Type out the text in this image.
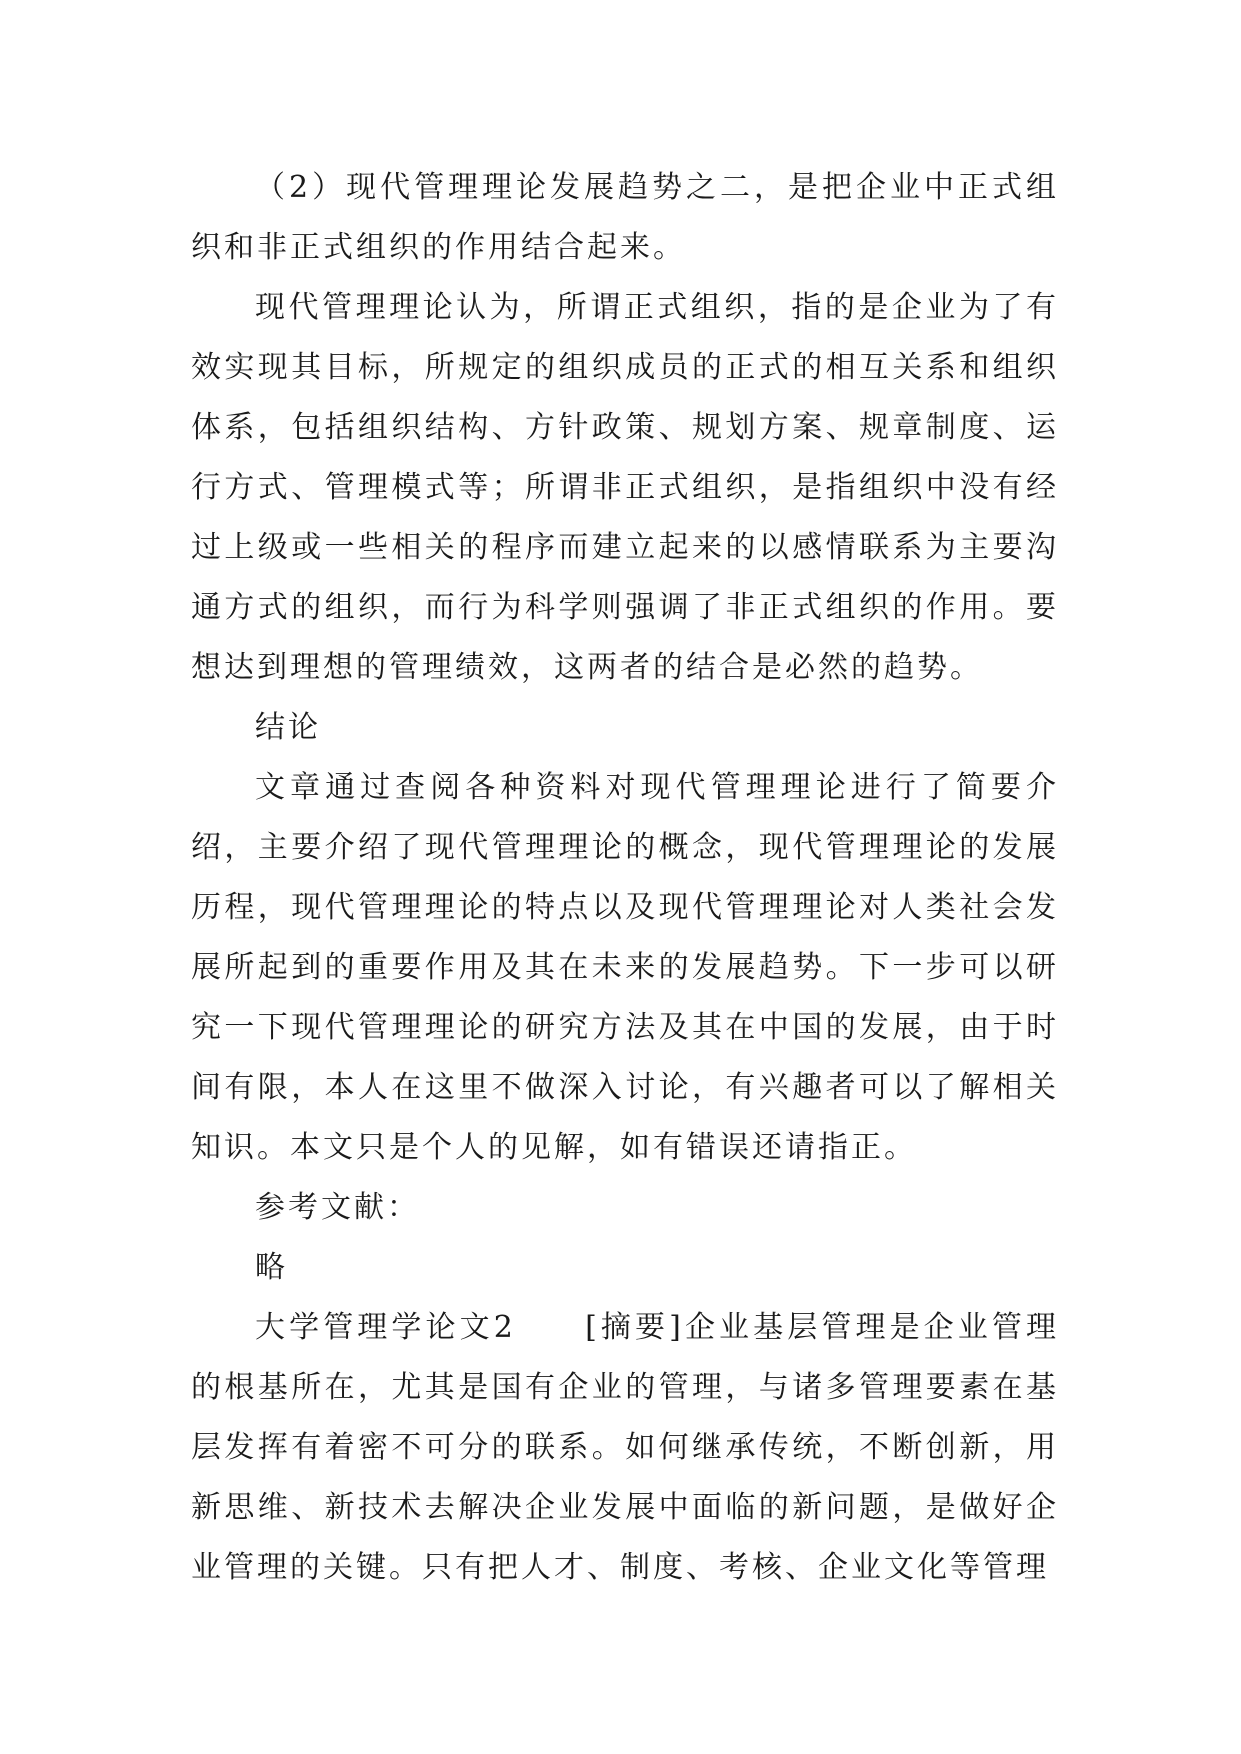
（2）现代管理理论发展趋势之二，是把企业中正式组织和非正式组织的作用结合起来。

现代管理理论认为，所谓正式组织，指的是企业为了有效实现其目标，所规定的组织成员的正式的相互关系和组织体系，包括组织结构、方针政策、规划方案、规章制度、运行方式、管理模式等；所谓非正式组织，是指组织中没有经过上级或一些相关的程序而建立起来的以感情联系为主要沟通方式的组织，而行为科学则强调了非正式组织的作用。要想达到理想的管理绩效，这两者的结合是必然的趋势。

结论

文章通过查阅各种资料对现代管理理论进行了简要介绍，主要介绍了现代管理理论的概念，现代管理理论的发展历程，现代管理理论的特点以及现代管理理论对人类社会发展所起到的重要作用及其在未来的发展趋势。下一步可以研究一下现代管理理论的研究方法及其在中国的发展，由于时间有限，本人在这里不做深入讨论，有兴趣者可以了解相关知识。本文只是个人的见解，如有错误还请指正。

参考文献：

略

大学管理学论文2　　[摘要]企业基层管理是企业管理的根基所在，尤其是国有企业的管理，与诸多管理要素在基层发挥有着密不可分的联系。如何继承传统，不断创新，用新思维、新技术去解决企业发展中面临的新问题，是做好企业管理的关键。只有把人才、制度、考核、企业文化等管理
